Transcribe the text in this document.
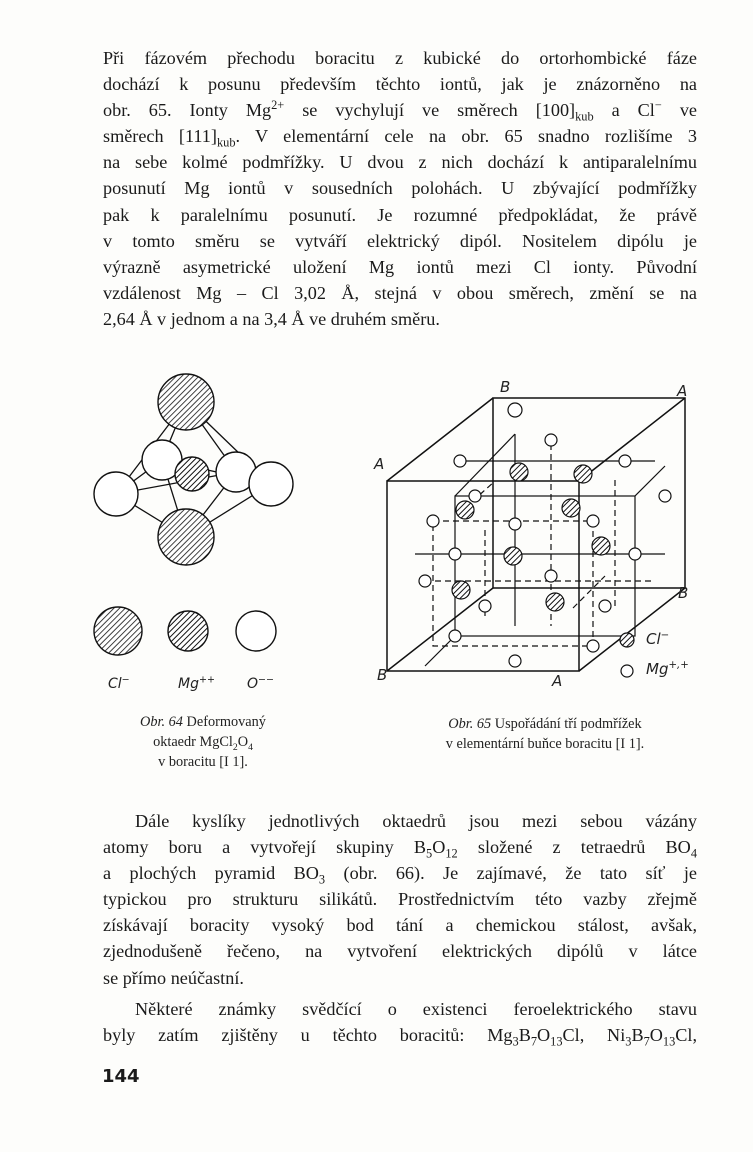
Při fázovém přechodu boracitu z kubické do ortorhombické fáze
dochází k posunu především těchto iontů, jak je znázorněno na
obr. 65. Ionty $Mg^{2+}$ se vychylují ve směrech $[100]_{kub}$ a Cl− ve
směrech $[111]_{kub}$. V elementární cele na obr. 65 snadno rozlišíme 3
na sebe kolmé podmřížky. U dvou z nich dochází k antiparalelnímu
posunutí Mg iontů v sousedních polohách. U zbývající podmřížky
pak k paralelnímu posunutí. Je rozumné předpokládat, že právě
v tomto směru se vytváří elektrický dipól. Nositelem dipólu je
výrazně asymetrické uložení Mg iontů mezi Cl ionty. Původní
vzdálenost Mg – Cl 3,02 Å, stejná v obou směrech, změní se na
2,64 Å v jednom a na 3,4 Å ve druhém směru.
Cl−	Mg++ O−−
Obr. 64 Deformovaný
oktaedr $MgCl_2O_4$
v boracitu [I 1].
B	A
A
B
B	A
Cl−
Mg+,+
Obr. 65 Uspořádání tří podmřížek
v elementární buňce boracitu [I 1].
Dále kyslíky jednotlivých oktaedrů jsou mezi sebou vázány
atomy boru a vytvořejí skupiny $B_5O_{12}$ složené z tetraedrů $BO_4$
a plochých pyramid $BO_3$ (obr. 66). Je zajímavé, že tato síť je
typickou pro strukturu silikátů. Prostřednictvím této vazby zřejmě
získávají boracity vysoký bod tání a chemickou stálost, avšak,
zjednodušeně řečeno, na vytvoření elektrických dipólů v látce
se přímo neúčastní.
Některé známky svědčící o existenci feroelektrického stavu
byly zatím zjištěny u těchto boracitů: $Mg_3B_7O_{13}Cl$, $Ni_3B_7O_{13}Cl$,
144
